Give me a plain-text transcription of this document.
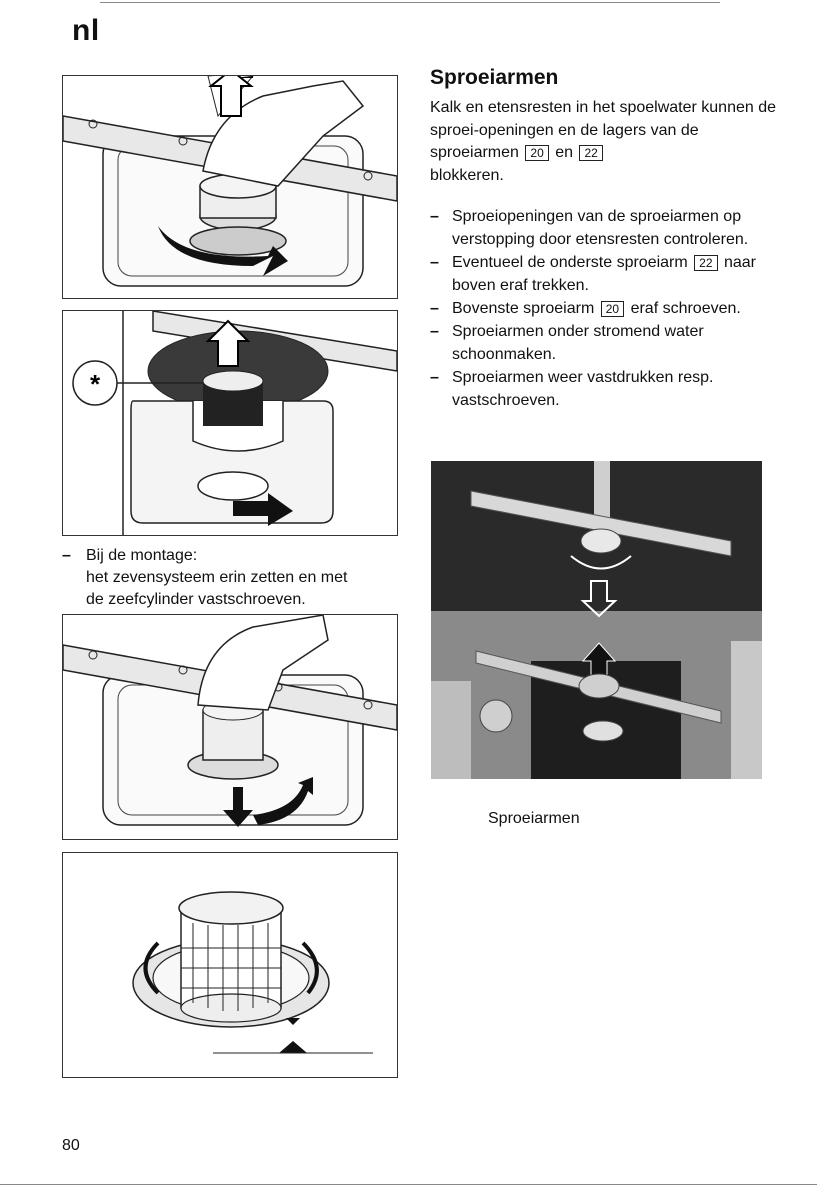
nl
*
– Bij de montage:
het zevensysteem erin zetten en met
de zeefcylinder vastschroeven.
Sproeiarmen
Kalk en etensresten in het spoelwater kunnen de sproei-openingen en de lagers van de sproeiarmen 20 en 22
blokkeren.
– Sproeiopeningen van de sproeiarmen op verstopping door etensresten controleren.
– Eventueel de onderste sproeiarm 22 naar boven eraf trekken.
– Bovenste sproeiarm 20 eraf schroeven.
– Sproeiarmen onder stromend water schoonmaken.
– Sproeiarmen weer vastdrukken resp. vastschroeven.
Sproeiarmen
80
